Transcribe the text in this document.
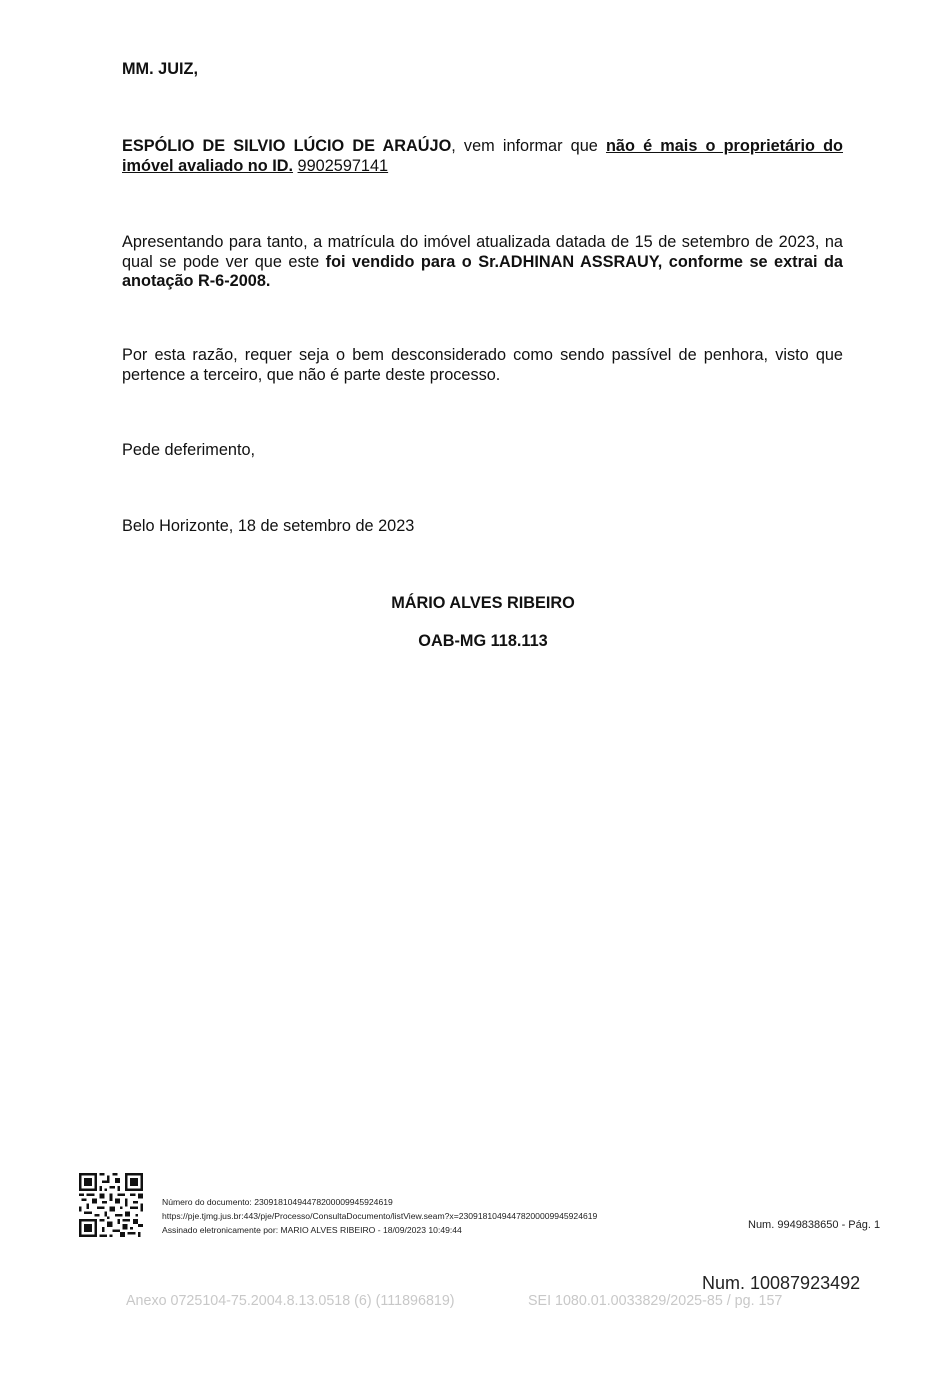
MM. JUIZ,

ESPÓLIO DE SILVIO LÚCIO DE ARAÚJO, vem informar que não é mais o proprietário do imóvel avaliado no ID. 9902597141

Apresentando para tanto, a matrícula do imóvel atualizada datada de 15 de setembro de 2023, na qual se pode ver que este foi vendido para o Sr.ADHINAN ASSRAUY, conforme se extrai da anotação R-6-2008.

Por esta razão, requer seja o bem desconsiderado como sendo passível de penhora, visto que pertence a terceiro, que não é parte deste processo.

Pede deferimento,

Belo Horizonte, 18 de setembro de 2023

MÁRIO ALVES RIBEIRO
OAB-MG 118.113
Número do documento: 23091810494478200009945924619
https://pje.tjmg.jus.br:443/pje/Processo/ConsultaDocumento/listView.seam?x=23091810494478200009945924619
Assinado eletronicamente por: MARIO ALVES RIBEIRO - 18/09/2023 10:49:44	Num. 9949838650 - Pág. 1
Num. 10087923492
Anexo 0725104-75.2004.8.13.0518 (6) (111896819)	SEI 1080.01.0033829/2025-85 / pg. 157
